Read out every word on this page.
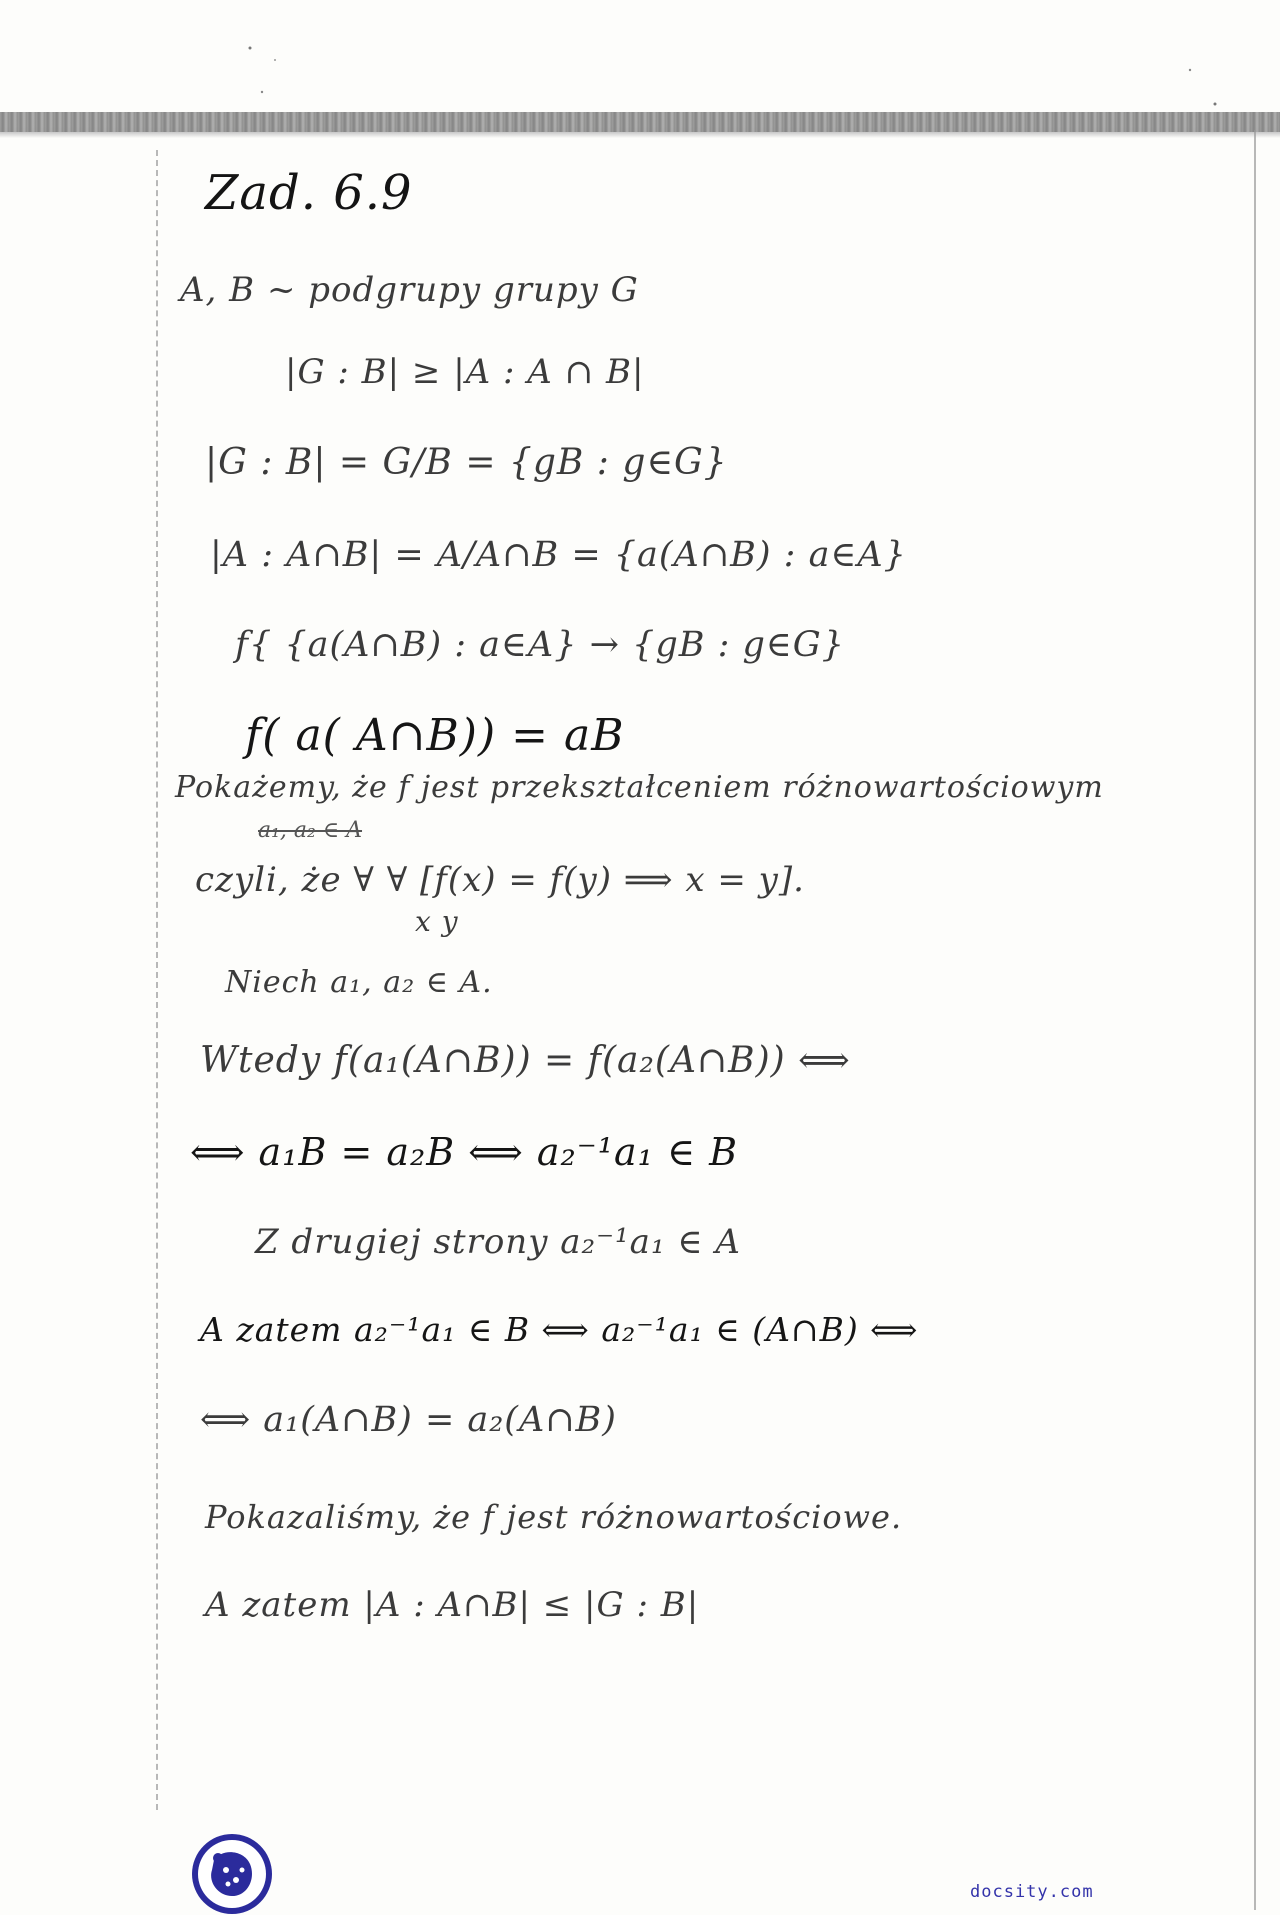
Zad. 6.9
A, B ~ podgrupy grupy G
|G : B| ≥ |A : A ∩ B|
|G : B| = G/B = {gB : g∈G}
|A : A∩B| = A/A∩B = {a(A∩B) : a∈A}
f{ {a(A∩B) : a∈A} → {gB : g∈G}
f( a( A∩B)) = aB
Pokażemy, że f jest przekształceniem różnowartościowym
a₁, a₂ ∈ A
czyli, że ∀ ∀ [f(x) = f(y) ⟹ x = y].
x y
Niech a₁, a₂ ∈ A.
Wtedy f(a₁(A∩B)) = f(a₂(A∩B)) ⟺
⟺ a₁B = a₂B ⟺ a₂⁻¹a₁ ∈ B
Z drugiej strony a₂⁻¹a₁ ∈ A
A zatem a₂⁻¹a₁ ∈ B ⟺ a₂⁻¹a₁ ∈ (A∩B) ⟺
⟺ a₁(A∩B) = a₂(A∩B)
Pokazaliśmy, że f jest różnowartościowe.
A zatem |A : A∩B| ≤ |G : B|
docsity.com
